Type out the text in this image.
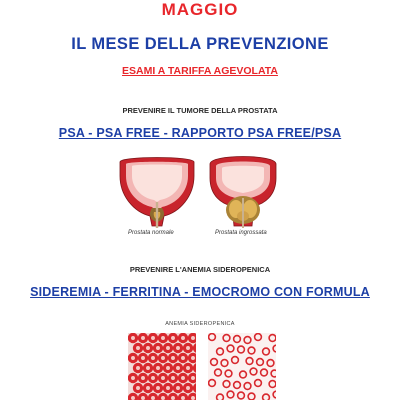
MAGGIO
IL MESE DELLA PREVENZIONE
ESAMI A TARIFFA AGEVOLATA
PREVENIRE IL TUMORE DELLA PROSTATA
PSA - PSA FREE - RAPPORTO PSA FREE/PSA
Prostata normale	Prostata ingrossata
PREVENIRE L'ANEMIA SIDEROPENICA
SIDEREMIA - FERRITINA - EMOCROMO CON FORMULA
ANEMIA SIDEROPENICA
